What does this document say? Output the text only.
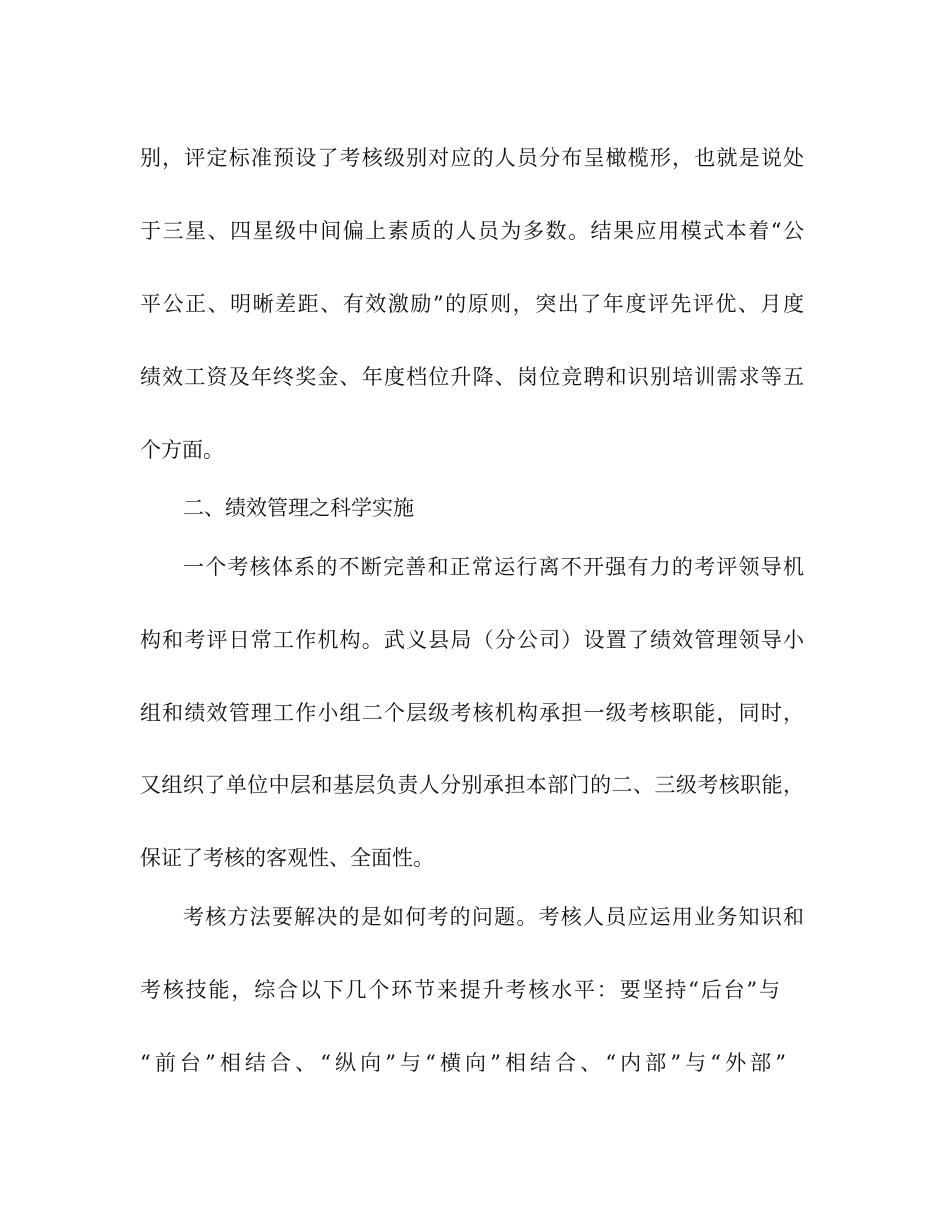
别，评定标准预设了考核级别对应的人员分布呈橄榄形，也就是说处
于三星、四星级中间偏上素质的人员为多数。结果应用模式本着“公
平公正、明晰差距、有效激励”的原则，突出了年度评先评优、月度
绩效工资及年终奖金、年度档位升降、岗位竞聘和识别培训需求等五
个方面。
二、绩效管理之科学实施
一个考核体系的不断完善和正常运行离不开强有力的考评领导机
构和考评日常工作机构。武义县局（分公司）设置了绩效管理领导小
组和绩效管理工作小组二个层级考核机构承担一级考核职能，同时，
又组织了单位中层和基层负责人分别承担本部门的二、三级考核职能，
保证了考核的客观性、全面性。
考核方法要解决的是如何考的问题。考核人员应运用业务知识和
考核技能，综合以下几个环节来提升考核水平：要坚持“后台”与
“前台”相结合、“纵向”与“横向”相结合、“内部”与“外部”
